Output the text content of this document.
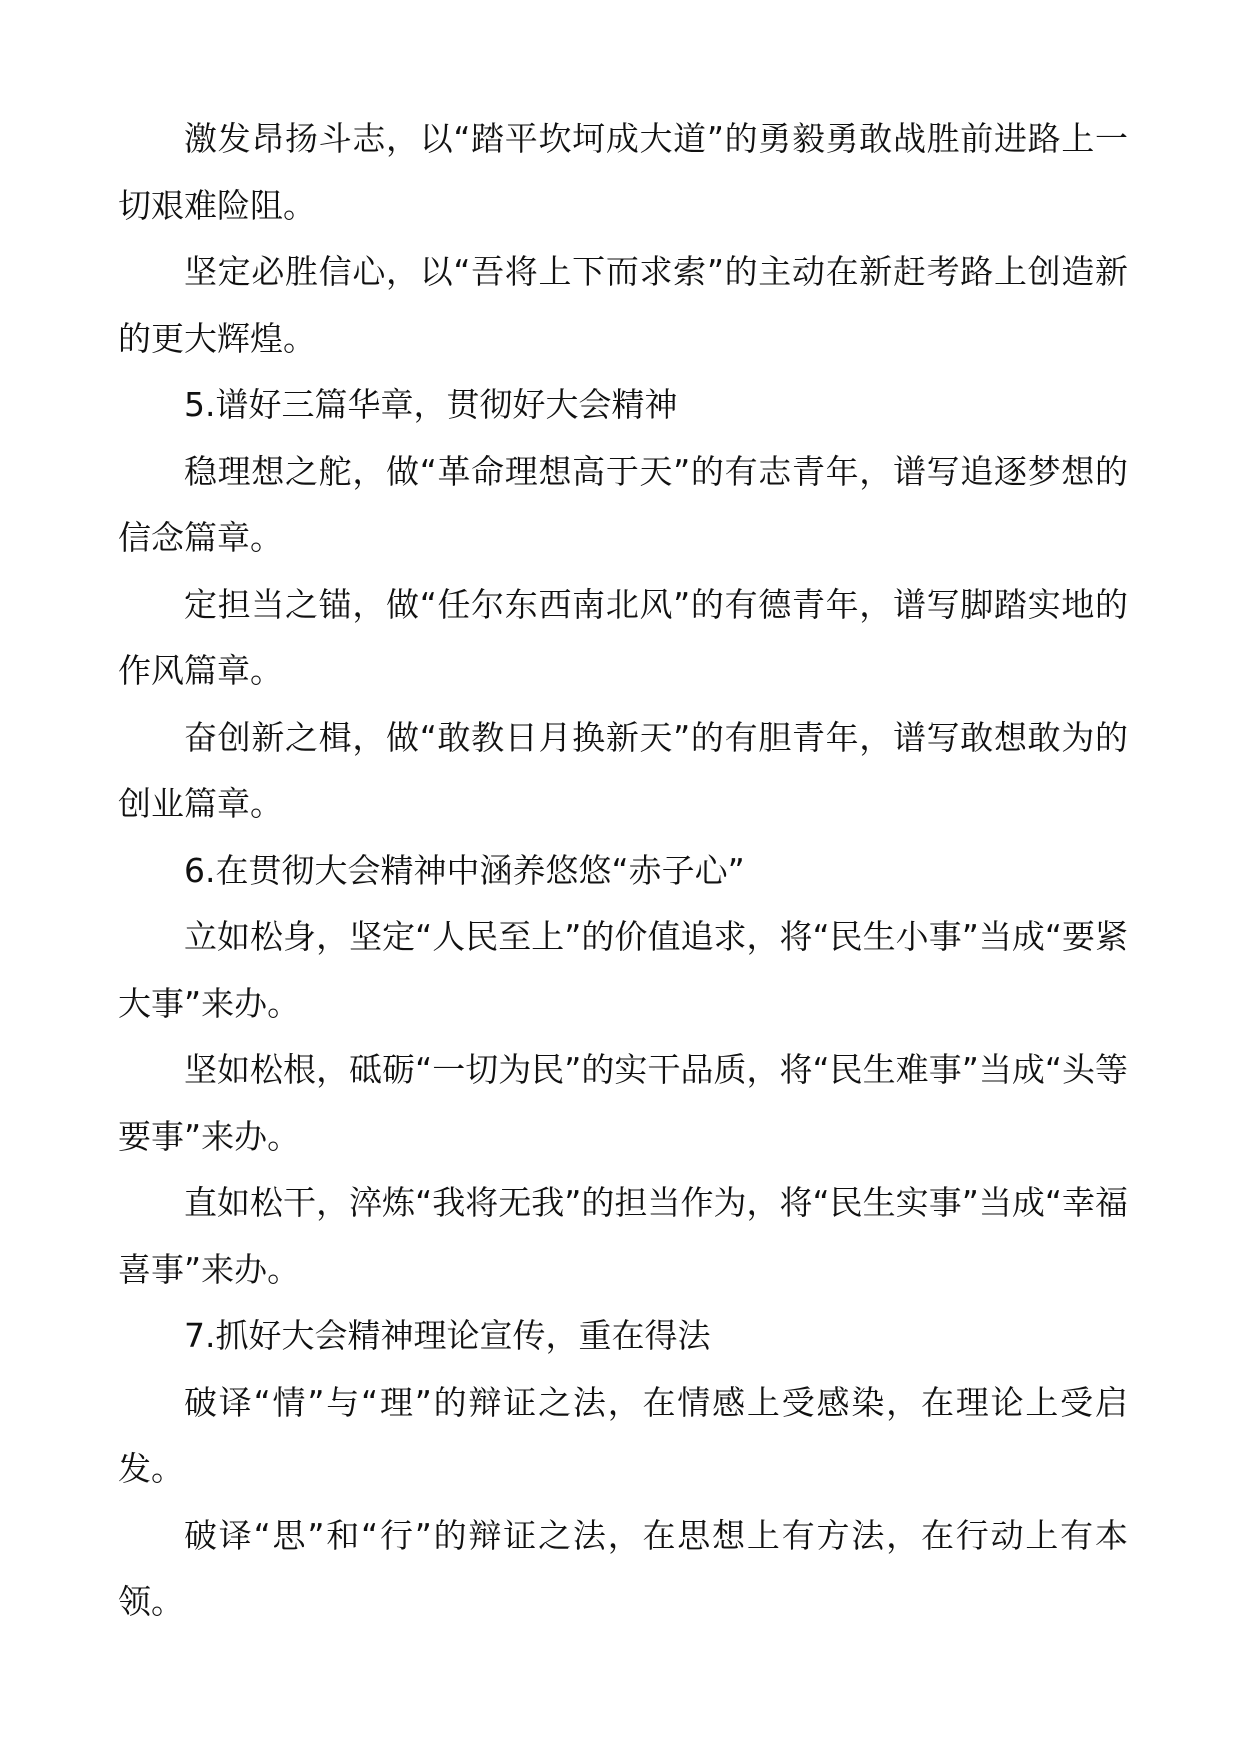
激发昂扬斗志，以“踏平坎坷成大道”的勇毅勇敢战胜前进路上一切艰难险阻。

坚定必胜信心，以“吾将上下而求索”的主动在新赶考路上创造新的更大辉煌。

5.谱好三篇华章，贯彻好大会精神

稳理想之舵，做“革命理想高于天”的有志青年，谱写追逐梦想的信念篇章。

定担当之锚，做“任尔东西南北风”的有德青年，谱写脚踏实地的作风篇章。

奋创新之楫，做“敢教日月换新天”的有胆青年，谱写敢想敢为的创业篇章。

6.在贯彻大会精神中涵养悠悠“赤子心”

立如松身，坚定“人民至上”的价值追求，将“民生小事”当成“要紧大事”来办。

坚如松根，砥砺“一切为民”的实干品质，将“民生难事”当成“头等要事”来办。

直如松干，淬炼“我将无我”的担当作为，将“民生实事”当成“幸福喜事”来办。

7.抓好大会精神理论宣传，重在得法

破译“情”与“理”的辩证之法，在情感上受感染，在理论上受启发。

破译“思”和“行”的辩证之法，在思想上有方法，在行动上有本领。
